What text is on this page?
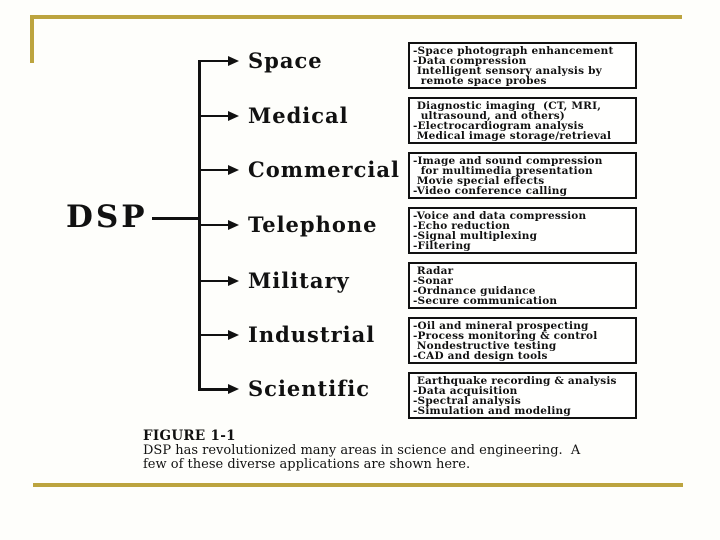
DSP
Space	-Space photograph enhancement
-Data compression
Intelligent sensory analysis by
remote space probes
Medical	Diagnostic imaging  (CT, MRI,
ultrasound, and others)
-Electrocardiogram analysis
Medical image storage/retrieval
Commercial -Image and sound compression
for multimedia presentation
Movie special effects
-Video conference calling
Telephone	-Voice and data compression
-Echo reduction
-Signal multiplexing
-Filtering
Military	Radar
-Sonar
-Ordnance guidance
-Secure communication
Industrial	-Oil and mineral prospecting
-Process monitoring & control
Nondestructive testing
-CAD and design tools
Scientific	Earthquake recording & analysis
-Data acquisition
-Spectral analysis
-Simulation and modeling
FIGURE 1-1
DSP has revolutionized many areas in science and engineering.  A
few of these diverse applications are shown here.
